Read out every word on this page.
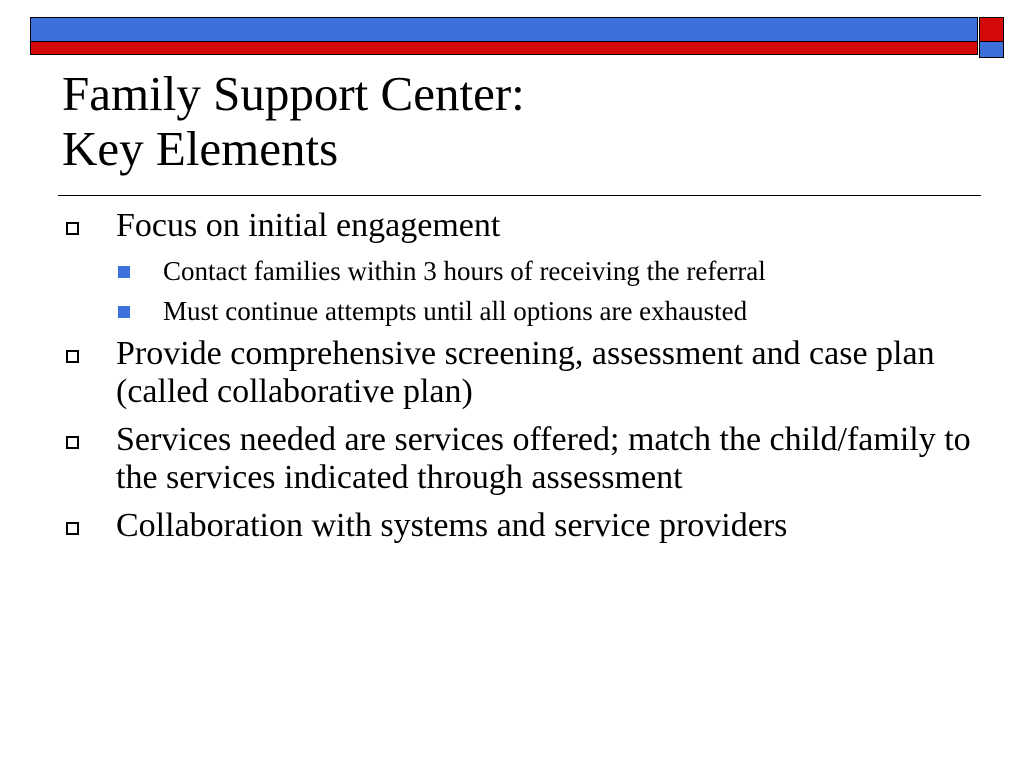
Family Support Center:
Key Elements
Focus on initial engagement
Contact families within 3 hours of receiving the referral
Must continue attempts until all options are exhausted
Provide comprehensive screening, assessment and case plan (called collaborative plan)
Services needed are services offered; match the child/family to the services indicated through assessment
Collaboration with systems and service providers
